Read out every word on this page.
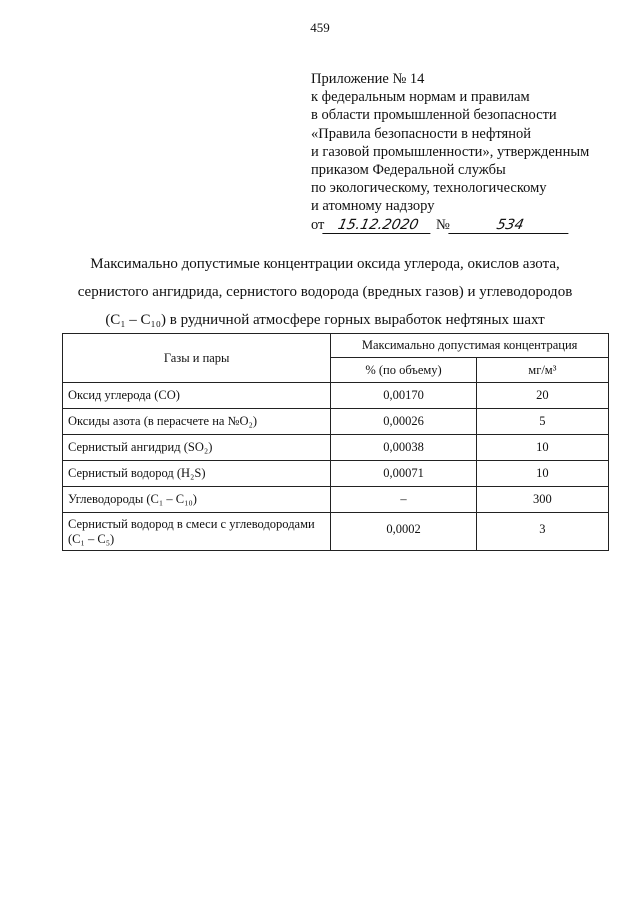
459
Приложение № 14
к федеральным нормам и правилам
в области промышленной безопасности
«Правила безопасности в нефтяной
и газовой промышленности», утвержденным
приказом Федеральной службы
по экологическому, технологическому
и атомному надзору
от 15.12.2020 №	534

Максимально допустимые концентрации оксида углерода, окислов азота,

сернистого ангидрида, сернистого водорода (вредных газов) и углеводородов

(C₁ – C₁₀) в рудничной атмосфере горных выработок нефтяных шахт

Газы и пары	Максимально допустимая концентрация	
	% (по объему)	мг/м³
Оксид углерода (CO)	0,00170	20
Оксиды азота (в перасчете на №O₂)	0,00026	5
Сернистый ангидрид (SO₂)	0,00038	10
Сернистый водород (H₂S)	0,00071	10
Углеводороды (C₁ – C₁₀)	–	300
Сернистый водород в смеси с углеводородами (C₁ – C₅)	0,0002	3
